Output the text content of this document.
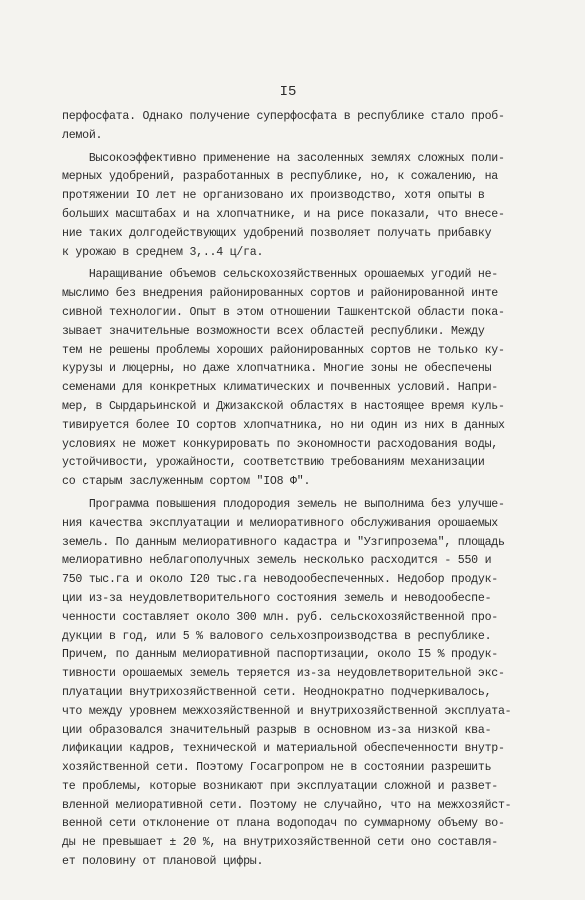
I5
перфосфата. Однако получение суперфосфата в республике стало проб-
лемой.
Высокоэффективно применение на засоленных землях сложных поли-
мерных удобрений, разработанных в республике, но, к сожалению, на
протяжении IO лет не организовано их производство, хотя опыты в
больших масштабах и на хлопчатнике, и на рисе показали, что внесе-
ние таких долгодействующих удобрений позволяет получать прибавку
к урожаю в среднем 3,..4 ц/га.
Наращивание объемов сельскохозяйственных орошаемых угодий не-
мыслимо без внедрения районированных сортов и районированной инте
сивной технологии. Опыт в этом отношении Ташкентской области пока-
зывает значительные возможности всех областей республики. Между
тем не решены проблемы хороших районированных сортов не только ку-
курузы и люцерны, но даже хлопчатника. Многие зоны не обеспечены
семенами для конкретных климатических и почвенных условий. Напри-
мер, в Сырдарьинской и Джизакской областях в настоящее время куль-
тивируется более IO сортов хлопчатника, но ни один из них в данных
условиях не может конкурировать по экономности расходования воды,
устойчивости, урожайности, соответствию требованиям механизации
со старым заслуженным сортом "IO8 Ф".
Программа повышения плодородия земель не выполнима без улучше-
ния качества эксплуатации и мелиоративного обслуживания орошаемых
земель. По данным мелиоративного кадастра и "Узгипрозема", площадь
мелиоративно неблагополучных земель несколько расходится - 550 и
750 тыс.га и около I20 тыс.га неводообеспеченных. Недобор продук-
ции из-за неудовлетворительного состояния земель и неводообеспе-
ченности составляет около 300 млн. руб. сельскохозяйственной про-
дукции в год, или 5 % валового сельхозпроизводства в республике.
Причем, по данным мелиоративной паспортизации, около I5 % продук-
тивности орошаемых земель теряется из-за неудовлетворительной экс-
плуатации внутрихозяйственной сети. Неоднократно подчеркивалось,
что между уровнем межхозяйственной и внутрихозяйственной эксплуата-
ции образовался значительный разрыв в основном из-за низкой ква-
лификации кадров, технической и материальной обеспеченности внутр-
хозяйственной сети. Поэтому Госагропром не в состоянии разрешить
те проблемы, которые возникают при эксплуатации сложной и развет-
вленной мелиоративной сети. Поэтому не случайно, что на межхозяйст-
венной сети отклонение от плана водоподач по суммарному объему во-
ды не превышает ± 20 %, на внутрихозяйственной сети оно составля-
ет половину от плановой цифры.
